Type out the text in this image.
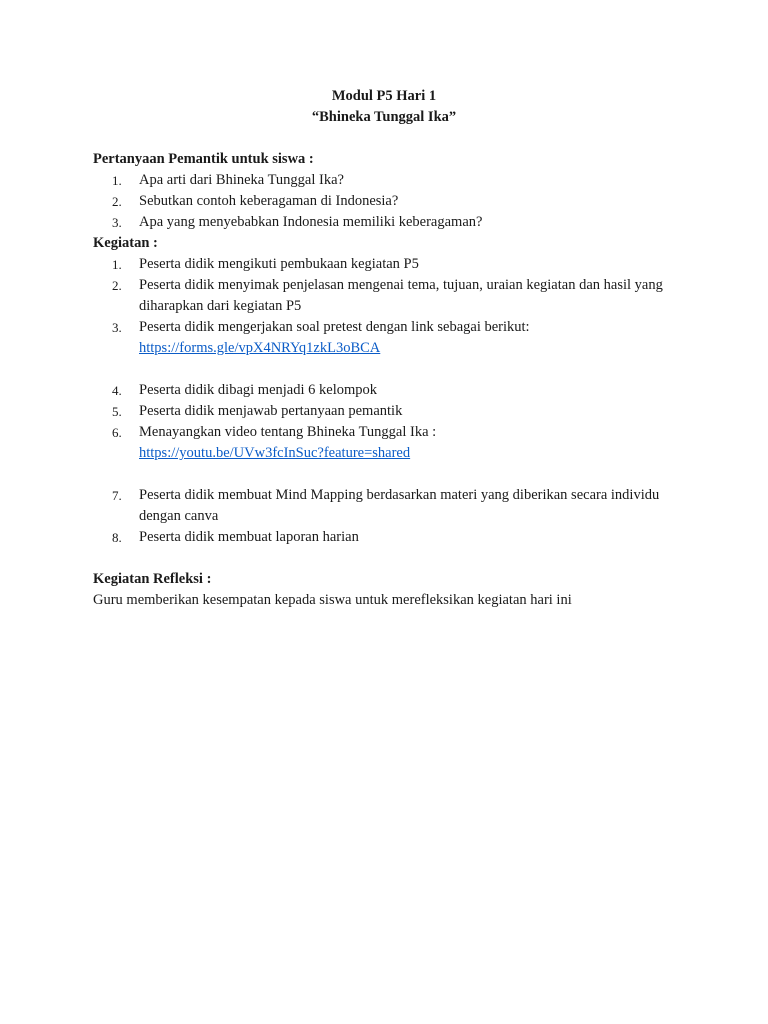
Modul P5 Hari 1
“Bhineka Tunggal Ika”
Pertanyaan Pemantik untuk siswa :
1.	Apa arti dari Bhineka Tunggal Ika?
2.	Sebutkan contoh keberagaman di Indonesia?
3.	Apa yang menyebabkan Indonesia memiliki keberagaman?
Kegiatan :
1.	Peserta didik mengikuti pembukaan kegiatan P5
2.	Peserta didik menyimak penjelasan mengenai tema, tujuan, uraian kegiatan dan hasil yang diharapkan dari kegiatan P5
3.	Peserta didik mengerjakan soal pretest dengan link sebagai berikut:
https://forms.gle/vpX4NRYq1zkL3oBCA
4.	Peserta didik dibagi menjadi 6 kelompok
5.	Peserta didik menjawab pertanyaan pemantik
6.	Menayangkan video tentang Bhineka Tunggal Ika :
https://youtu.be/UVw3fcInSuc?feature=shared
7.	Peserta didik membuat Mind Mapping berdasarkan materi yang diberikan secara individu dengan canva
8.	Peserta didik membuat laporan harian
Kegiatan Refleksi :
Guru memberikan kesempatan kepada siswa untuk merefleksikan kegiatan hari ini
